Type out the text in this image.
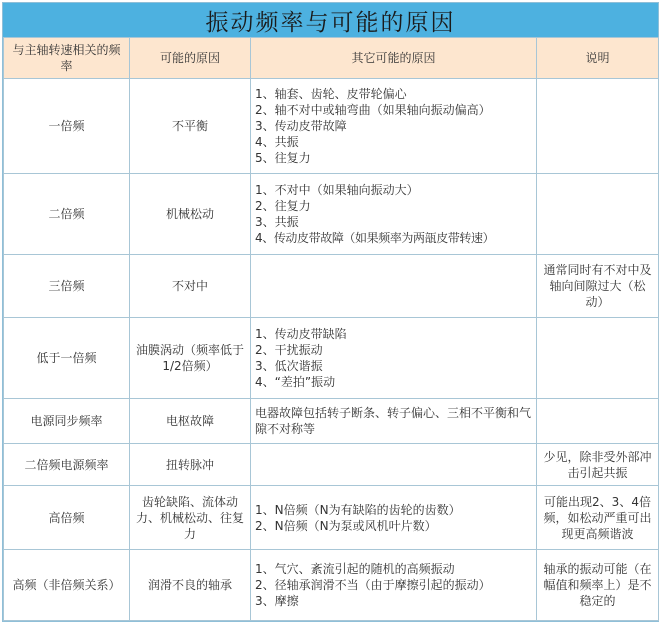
振动频率与可能的原因
与主轴转速相关的频率	可能的原因	其它可能的原因	说明
一倍频	不平衡	1、轴套、齿轮、皮带轮偏心
2、轴不对中或轴弯曲（如果轴向振动偏高）
3、传动皮带故障
4、共振
5、往复力	

二倍频	机械松动	1、不对中（如果轴向振动大）
2、往复力
3、共振
4、传动皮带故障（如果频率为两瓿皮带转速）	

三倍频	不对中		通常同时有不对中及轴向间隙过大（松动）
低于一倍频	油膜涡动（频率低于1/2倍频）	1、传动皮带缺陷
2、干扰振动
3、低次谐振
4、“差拍”振动	

电源同步频率	电枢故障	电器故障包括转子断条、转子偏心、三相不平衡和气隙不对称等	
二倍频电源频率	扭转脉冲		少见，除非受外部冲击引起共振
高倍频	齿轮缺陷、流体动力、机械松动、往复力	1、N倍频（N为有缺陷的齿轮的齿数）
2、N倍频（N为泵或风机叶片数）	可能出现2、3、4倍频，如松动严重可出现更高频谐波
高频（非倍频关系）	润滑不良的轴承	1、气穴、紊流引起的随机的高频振动
2、径轴承润滑不当（由于摩擦引起的振动）
3、摩擦	轴承的振动可能（在幅值和频率上）是不稳定的
